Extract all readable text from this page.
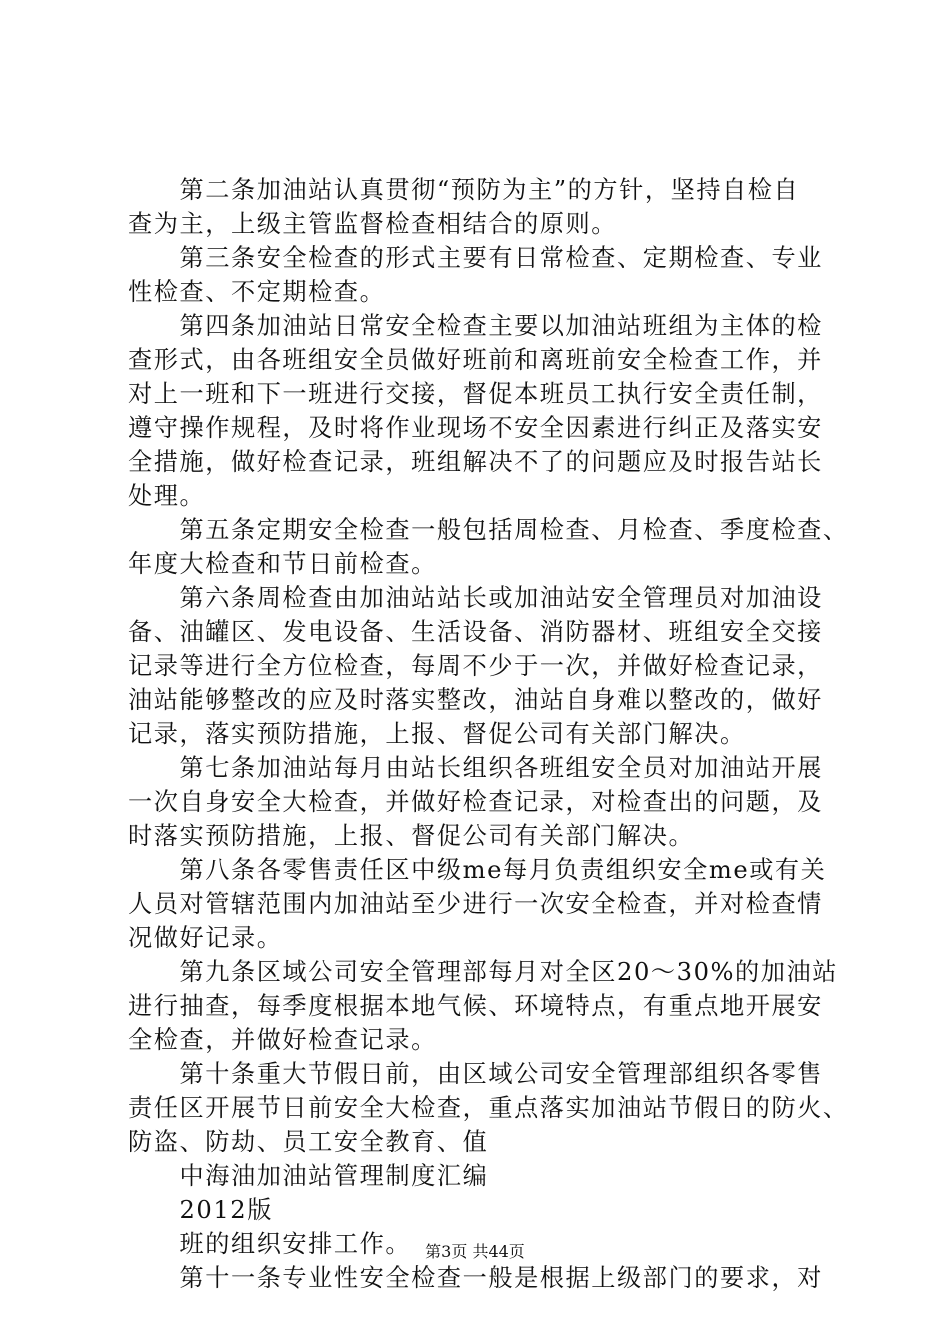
　　第二条加油站认真贯彻“预防为主”的方针，坚持自检自
查为主，上级主管监督检查相结合的原则。
　　第三条安全检查的形式主要有日常检查、定期检查、专业
性检查、不定期检查。
　　第四条加油站日常安全检查主要以加油站班组为主体的检
查形式，由各班组安全员做好班前和离班前安全检查工作，并
对上一班和下一班进行交接，督促本班员工执行安全责任制，
遵守操作规程，及时将作业现场不安全因素进行纠正及落实安
全措施，做好检查记录，班组解决不了的问题应及时报告站长
处理。
　　第五条定期安全检查一般包括周检查、月检查、季度检查、
年度大检查和节日前检查。
　　第六条周检查由加油站站长或加油站安全管理员对加油设
备、油罐区、发电设备、生活设备、消防器材、班组安全交接
记录等进行全方位检查，每周不少于一次，并做好检查记录，
油站能够整改的应及时落实整改，油站自身难以整改的，做好
记录，落实预防措施，上报、督促公司有关部门解决。
　　第七条加油站每月由站长组织各班组安全员对加油站开展
一次自身安全大检查，并做好检查记录，对检查出的问题，及
时落实预防措施，上报、督促公司有关部门解决。
　　第八条各零售责任区中级me每月负责组织安全me或有关
人员对管辖范围内加油站至少进行一次安全检查，并对检查情
况做好记录。
　　第九条区域公司安全管理部每月对全区20～30%的加油站
进行抽查，每季度根据本地气候、环境特点，有重点地开展安
全检查，并做好检查记录。
　　第十条重大节假日前，由区域公司安全管理部组织各零售
责任区开展节日前安全大检查，重点落实加油站节假日的防火、
防盗、防劫、员工安全教育、值
　　中海油加油站管理制度汇编
　　2012版
　　班的组织安排工作。
　　第十一条专业性安全检查一般是根据上级部门的要求，对
第3页 共44页
